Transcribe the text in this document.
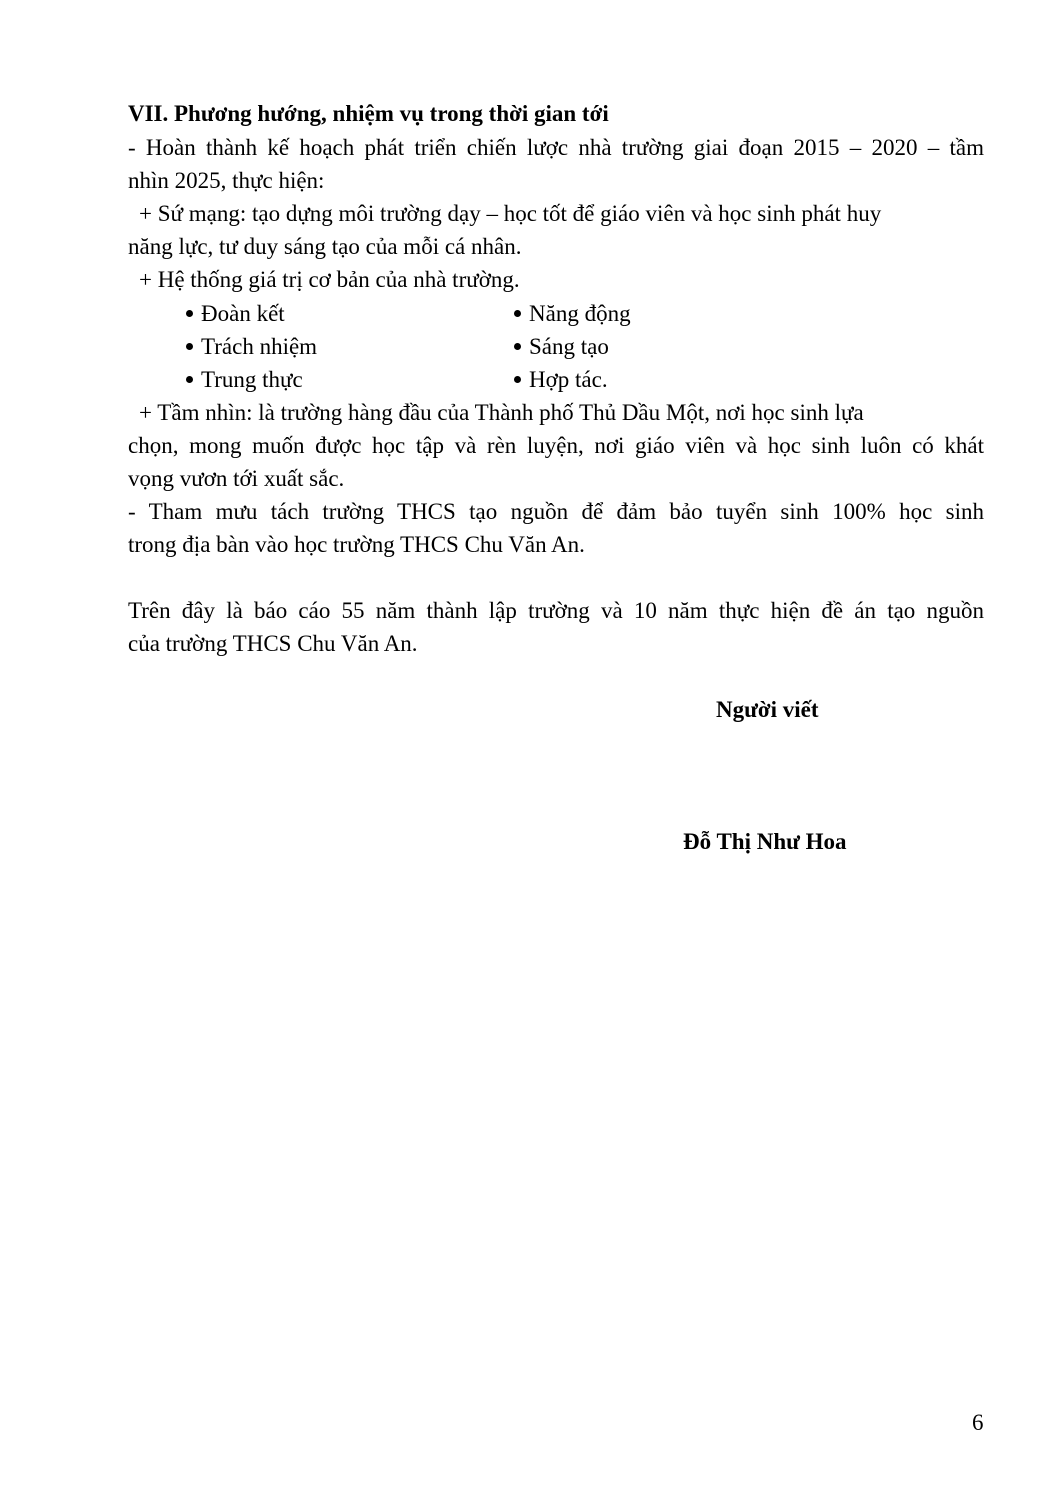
VII. Phương hướng, nhiệm vụ trong thời gian tới
- Hoàn thành kế hoạch phát triển chiến lược nhà trường giai đoạn 2015 – 2020 – tầm
nhìn 2025, thực hiện:
+ Sứ mạng: tạo dựng môi trường dạy – học tốt để giáo viên và học sinh phát huy
năng lực, tư duy sáng tạo của mỗi cá nhân.
+ Hệ thống giá trị cơ bản của nhà trường.
Đoàn kết
Trách nhiệm
Trung thực
Năng động
Sáng tạo
Hợp tác.
+ Tầm nhìn: là trường hàng đầu của Thành phố Thủ Dầu Một, nơi học sinh lựa
chọn, mong muốn được học tập và rèn luyện, nơi giáo viên và học sinh luôn có khát
vọng vươn tới xuất sắc.
- Tham mưu tách trường THCS tạo nguồn để đảm bảo tuyển sinh 100% học sinh
trong địa bàn vào học trường THCS Chu Văn An.
Trên đây là báo cáo 55 năm thành lập trường và 10 năm thực hiện đề án tạo nguồn
của trường THCS Chu Văn An.
Người viết
Đỗ Thị Như Hoa
6
